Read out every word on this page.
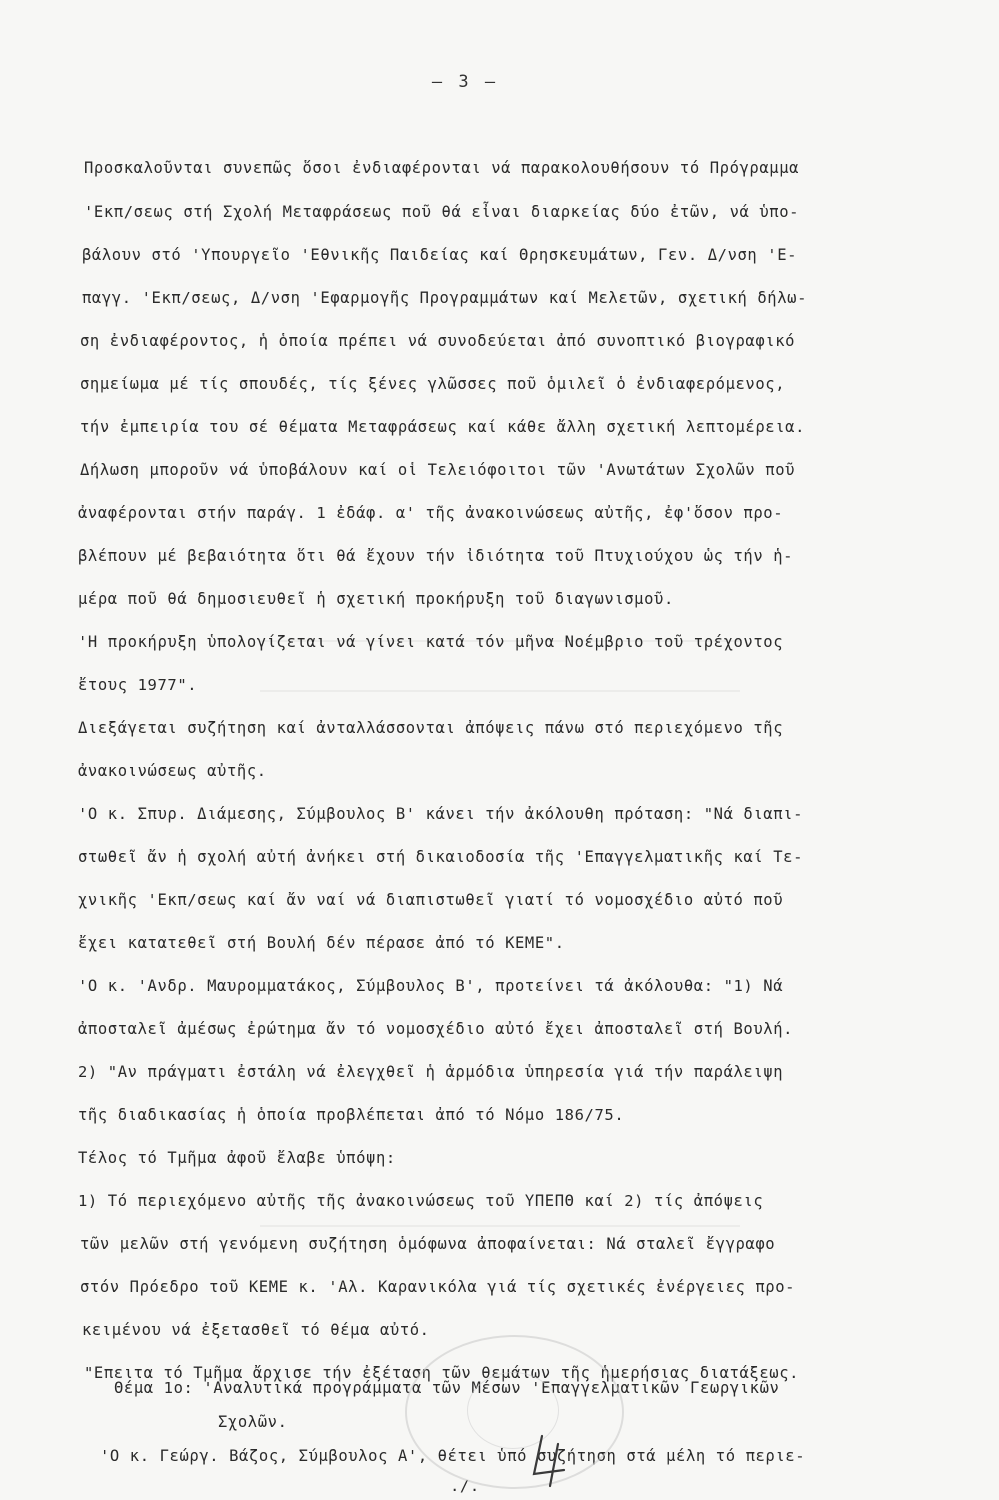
– 3 –
Προσκαλοῦνται συνεπῶς ὅσοι ἐνδιαφέρονται νά παρακολουθήσουν τό Πρόγραμμα
'Εκπ/σεως στή Σχολή Μεταφράσεως ποῦ θά εἶναι διαρκείας δύο ἐτῶν, νά ὑπο-
βάλουν στό 'Υπουργεῖο 'Εθνικῆς Παιδείας καί Θρησκευμάτων, Γεν. Δ/νση 'Ε-
παγγ. 'Εκπ/σεως, Δ/νση 'Εφαρμογῆς Προγραμμάτων καί Μελετῶν, σχετική δήλω-
ση ἐνδιαφέροντος, ἡ ὁποία πρέπει νά συνοδεύεται ἀπό συνοπτικό βιογραφικό
σημείωμα μέ τίς σπουδές, τίς ξένες γλῶσσες ποῦ ὁμιλεῖ ὁ ἐνδιαφερόμενος,
τήν ἐμπειρία του σέ θέματα Μεταφράσεως καί κάθε ἄλλη σχετική λεπτομέρεια.
Δήλωση μποροῦν νά ὑποβάλουν καί οἱ Τελειόφοιτοι τῶν 'Ανωτάτων Σχολῶν ποῦ
ἀναφέρονται στήν παράγ. 1 ἐδάφ. α' τῆς ἀνακοινώσεως αὐτῆς, ἐφ'ὅσον προ-
βλέπουν μέ βεβαιότητα ὅτι θά ἔχουν τήν ἰδιότητα τοῦ Πτυχιούχου ὡς τήν ἡ-
μέρα ποῦ θά δημοσιευθεῖ ἡ σχετική προκήρυξη τοῦ διαγωνισμοῦ.
'Η προκήρυξη ὑπολογίζεται νά γίνει κατά τόν μῆνα Νοέμβριο τοῦ τρέχοντος
ἔτους 1977".
Διεξάγεται συζήτηση καί ἀνταλλάσσονται ἀπόψεις πάνω στό περιεχόμενο τῆς
ἀνακοινώσεως αὐτῆς.
'Ο κ. Σπυρ. Διάμεσης, Σύμβουλος Β' κάνει τήν ἀκόλουθη πρόταση: "Νά διαπι-
στωθεῖ ἄν ἡ σχολή αὐτή ἀνήκει στή δικαιοδοσία τῆς 'Επαγγελματικῆς καί Τε-
χνικῆς 'Εκπ/σεως καί ἄν ναί νά διαπιστωθεῖ γιατί τό νομοσχέδιο αὐτό ποῦ
ἔχει κατατεθεῖ στή Βουλή δέν πέρασε ἀπό τό ΚΕΜΕ".
'Ο κ. 'Ανδρ. Μαυρομματάκος, Σύμβουλος Β', προτείνει τά ἀκόλουθα: "1) Νά
ἀποσταλεῖ ἀμέσως ἐρώτημα ἄν τό νομοσχέδιο αὐτό ἔχει ἀποσταλεῖ στή Βουλή.
2) "Αν πράγματι ἐστάλη νά ἐλεγχθεῖ ἡ ἁρμόδια ὑπηρεσία γιά τήν παράλειψη
τῆς διαδικασίας ἡ ὁποία προβλέπεται ἀπό τό Νόμο 186/75.
Τέλος τό Τμῆμα ἀφοῦ ἔλαβε ὑπόψη:
1) Τό περιεχόμενο αὐτῆς τῆς ἀνακοινώσεως τοῦ ΥΠΕΠΘ καί 2) τίς ἀπόψεις
τῶν μελῶν στή γενόμενη συζήτηση ὁμόφωνα ἀποφαίνεται: Νά σταλεῖ ἔγγραφο
στόν Πρόεδρο τοῦ ΚΕΜΕ κ. 'Αλ. Καρανικόλα γιά τίς σχετικές ἐνέργειες προ-
κειμένου νά ἐξετασθεῖ τό θέμα αὐτό.
"Επειτα τό Τμῆμα ἄρχισε τήν ἐξέταση τῶν θεμάτων τῆς ἡμερήσιας διατάξεως.
Θέμα 1ο: 'Αναλυτικά προγράμματα τῶν Μέσων 'Επαγγελματικῶν Γεωργικῶν
Σχολῶν.
'Ο κ. Γεώργ. Βάζος, Σύμβουλος Α', θέτει ὑπό συζήτηση στά μέλη τό περιε-
./.
